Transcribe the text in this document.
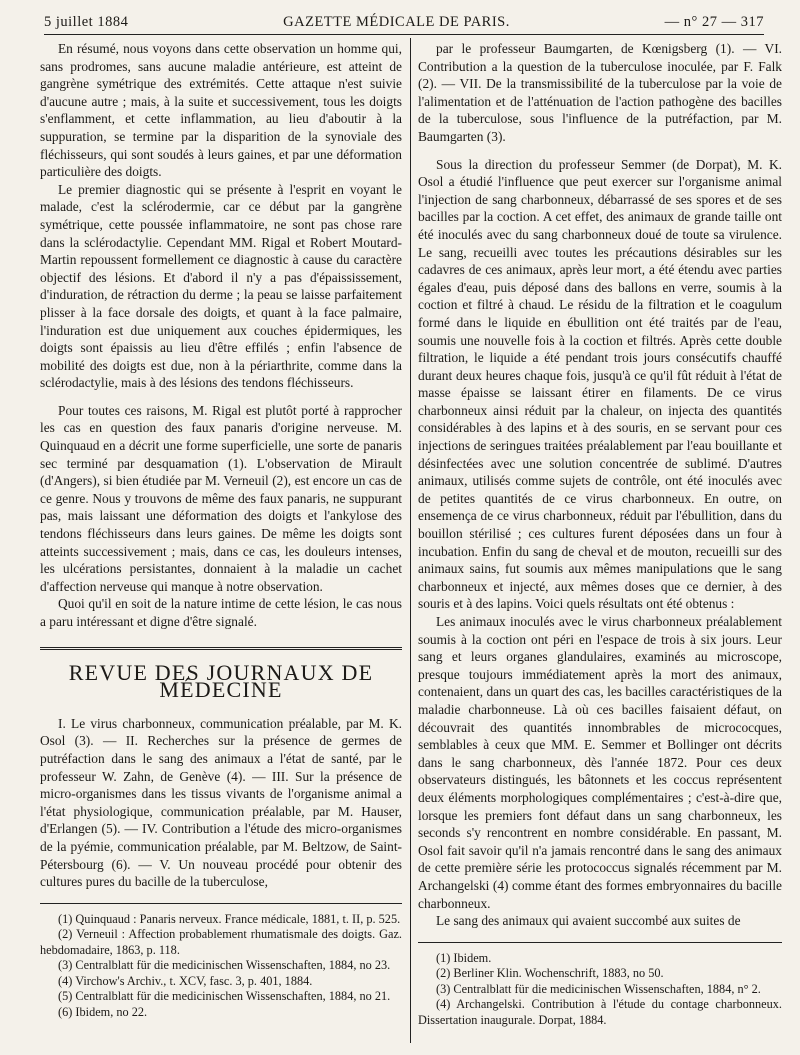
5 juillet 1884	GAZETTE MÉDICALE DE PARIS.	— n° 27 — 317

En résumé, nous voyons dans cette observation un homme qui, sans prodromes, sans aucune maladie antérieure, est atteint de gangrène symétrique des extrémités. Cette attaque n'est suivie d'aucune autre ; mais, à la suite et successivement, tous les doigts s'enflamment, et cette inflammation, au lieu d'aboutir à la suppuration, se termine par la disparition de la synoviale des fléchisseurs, qui sont soudés à leurs gaines, et par une déformation particulière des doigts.

Le premier diagnostic qui se présente à l'esprit en voyant le malade, c'est la sclérodermie, car ce début par la gangrène symétrique, cette poussée inflammatoire, ne sont pas chose rare dans la sclérodactylie. Cependant MM. Rigal et Robert Moutard-Martin repoussent formellement ce diagnostic à cause du caractère objectif des lésions. Et d'abord il n'y a pas d'épaississement, d'induration, de rétraction du derme ; la peau se laisse parfaitement plisser à la face dorsale des doigts, et quant à la face palmaire, l'induration est due uniquement aux couches épidermiques, les doigts sont épaissis au lieu d'être effilés ; enfin l'absence de mobilité des doigts est due, non à la périarthrite, comme dans la sclérodactylie, mais à des lésions des tendons fléchisseurs.

Pour toutes ces raisons, M. Rigal est plutôt porté à rapprocher les cas en question des faux panaris d'origine nerveuse. M. Quinquaud en a décrit une forme superficielle, une sorte de panaris sec terminé par desquamation (1). L'observation de Mirault (d'Angers), si bien étudiée par M. Verneuil (2), est encore un cas de ce genre. Nous y trouvons de même des faux panaris, ne suppurant pas, mais laissant une déformation des doigts et l'ankylose des tendons fléchisseurs dans leurs gaines. De même les doigts sont atteints successivement ; mais, dans ce cas, les douleurs intenses, les ulcérations persistantes, donnaient à la maladie un cachet d'affection nerveuse qui manque à notre observation.

Quoi qu'il en soit de la nature intime de cette lésion, le cas nous a paru intéressant et digne d'être signalé.

REVUE DES JOURNAUX DE MÉDECINE

I. Le virus charbonneux, communication préalable, par M. K. Osol (3). — II. Recherches sur la présence de germes de putréfaction dans le sang des animaux a l'état de santé, par le professeur W. Zahn, de Genève (4). — III. Sur la présence de micro-organismes dans les tissus vivants de l'organisme animal a l'état physiologique, communication préalable, par M. Hauser, d'Erlangen (5). — IV. Contribution a l'étude des micro-organismes de la pyémie, communication préalable, par M. Beltzow, de Saint-Pétersbourg (6). — V. Un nouveau procédé pour obtenir des cultures pures du bacille de la tuberculose,

(1) Quinquaud : Panaris nerveux. France médicale, 1881, t. II, p. 525.

(2) Verneuil : Affection probablement rhumatismale des doigts. Gaz. hebdomadaire, 1863, p. 118.

(3) Centralblatt für die medicinischen Wissenschaften, 1884, no 23.

(4) Virchow's Archiv., t. XCV, fasc. 3, p. 401, 1884.

(5) Centralblatt für die medicinischen Wissenschaften, 1884, no 21.

(6) Ibidem, no 22.

par le professeur Baumgarten, de Kœnigsberg (1). — VI. Contribution a la question de la tuberculose inoculée, par F. Falk (2). — VII. De la transmissibilité de la tuberculose par la voie de l'alimentation et de l'atténuation de l'action pathogène des bacilles de la tuberculose, sous l'influence de la putréfaction, par M. Baumgarten (3).

Sous la direction du professeur Semmer (de Dorpat), M. K. Osol a étudié l'influence que peut exercer sur l'organisme animal l'injection de sang charbonneux, débarrassé de ses spores et de ses bacilles par la coction. A cet effet, des animaux de grande taille ont été inoculés avec du sang charbonneux doué de toute sa virulence. Le sang, recueilli avec toutes les précautions désirables sur les cadavres de ces animaux, après leur mort, a été étendu avec parties égales d'eau, puis déposé dans des ballons en verre, soumis à la coction et filtré à chaud. Le résidu de la filtration et le coagulum formé dans le liquide en ébullition ont été traités par de l'eau, soumis une nouvelle fois à la coction et filtrés. Après cette double filtration, le liquide a été pendant trois jours consécutifs chauffé durant deux heures chaque fois, jusqu'à ce qu'il fût réduit à l'état de masse épaisse se laissant étirer en filaments. De ce virus charbonneux ainsi réduit par la chaleur, on injecta des quantités considérables à des lapins et à des souris, en se servant pour ces injections de seringues traitées préalablement par l'eau bouillante et désinfectées avec une solution concentrée de sublimé. D'autres animaux, utilisés comme sujets de contrôle, ont été inoculés avec de petites quantités de ce virus charbonneux. En outre, on ensemença de ce virus charbonneux, réduit par l'ébullition, dans du bouillon stérilisé ; ces cultures furent déposées dans un four à incubation. Enfin du sang de cheval et de mouton, recueilli sur des animaux sains, fut soumis aux mêmes manipulations que le sang charbonneux et injecté, aux mêmes doses que ce dernier, à des souris et à des lapins. Voici quels résultats ont été obtenus :

Les animaux inoculés avec le virus charbonneux préalablement soumis à la coction ont péri en l'espace de trois à six jours. Leur sang et leurs organes glandulaires, examinés au microscope, presque toujours immédiatement après la mort des animaux, contenaient, dans un quart des cas, les bacilles caractéristiques de la maladie charbonneuse. Là où ces bacilles faisaient défaut, on découvrait des quantités innombrables de micrococques, semblables à ceux que MM. E. Semmer et Bollinger ont décrits dans le sang charbonneux, dès l'année 1872. Pour ces deux observateurs distingués, les bâtonnets et les coccus représentent deux éléments morphologiques complémentaires ; c'est-à-dire que, lorsque les premiers font défaut dans un sang charbonneux, les seconds s'y rencontrent en nombre considérable. En passant, M. Osol fait savoir qu'il n'a jamais rencontré dans le sang des animaux de cette première série les protococcus signalés récemment par M. Archangelski (4) comme étant des formes embryonnaires du bacille charbonneux.

Le sang des animaux qui avaient succombé aux suites de

(1) Ibidem.

(2) Berliner Klin. Wochenschrift, 1883, no 50.

(3) Centralblatt für die medicinischen Wissenschaften, 1884, n° 2.

(4) Archangelski. Contribution à l'étude du contage charbonneux. Dissertation inaugurale. Dorpat, 1884.
